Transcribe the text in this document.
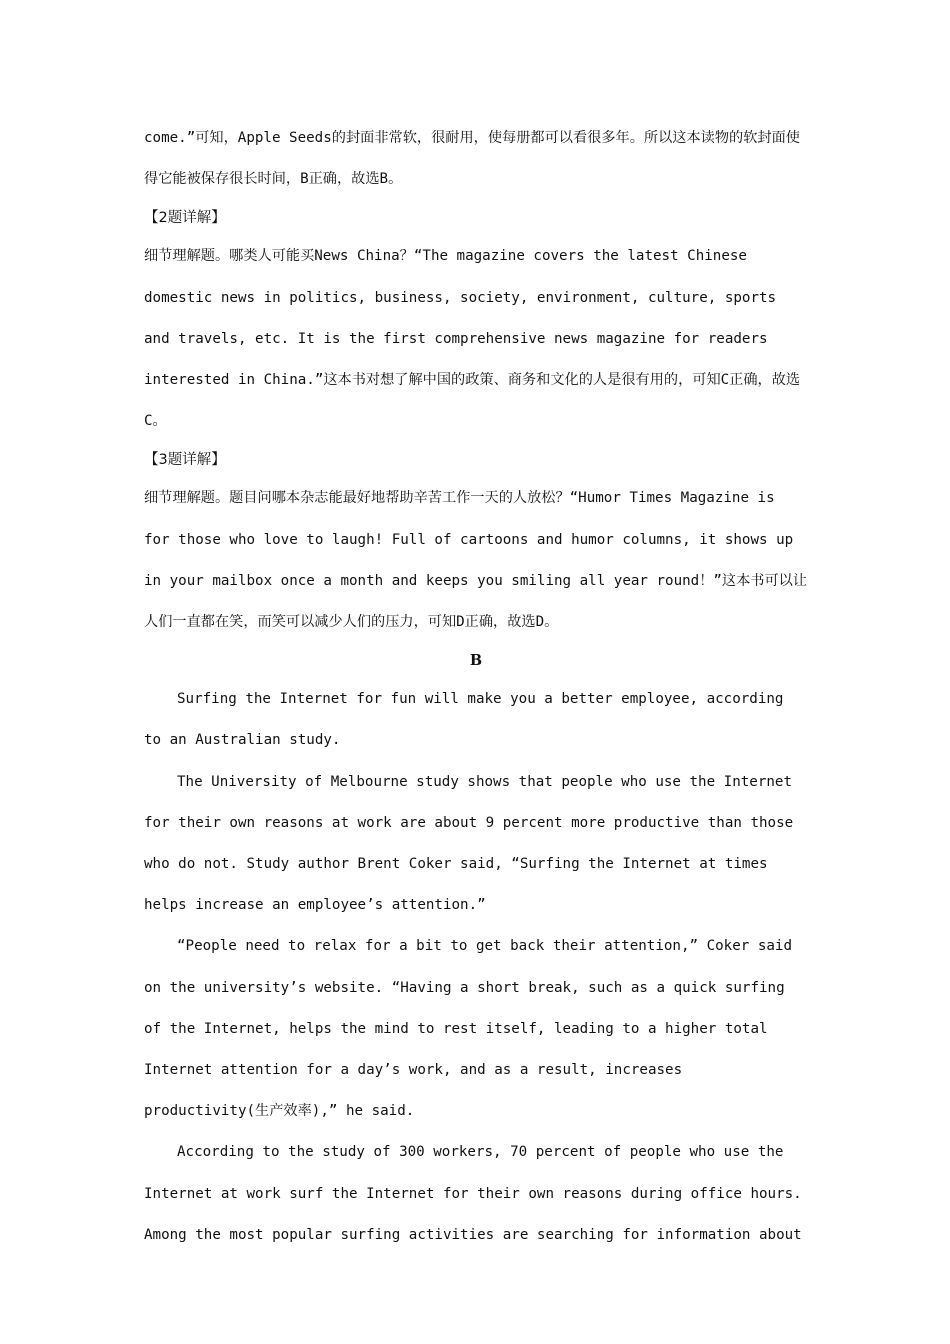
come.”可知，Apple Seeds的封面非常软，很耐用，使每册都可以看很多年。所以这本读物的软封面使得它能被保存很长时间，B正确，故选B。

【2题详解】

细节理解题。哪类人可能买News China？“The magazine covers the latest Chinese domestic news in politics, business, society, environment, culture, sports and travels, etc. It is the first comprehensive news magazine for readers interested in China.”这本书对想了解中国的政策、商务和文化的人是很有用的，可知C正确，故选C。

【3题详解】

细节理解题。题目问哪本杂志能最好地帮助辛苦工作一天的人放松？“Humor Times Magazine is for those who love to laugh! Full of cartoons and humor columns, it shows up in your mailbox once a month and keeps you smiling all year round！”这本书可以让人们一直都在笑，而笑可以减少人们的压力，可知D正确，故选D。

B

Surfing the Internet for fun will make you a better employee, according to an Australian study.

The University of Melbourne study shows that people who use the Internet for their own reasons at work are about 9 percent more productive than those who do not. Study author Brent Coker said, “Surfing the Internet at times helps increase an employee’s attention.”

“People need to relax for a bit to get back their attention,” Coker said on the university’s website. “Having a short break, such as a quick surfing of the Internet, helps the mind to rest itself, leading to a higher total Internet attention for a day’s work, and as a result, increases productivity(生产效率),” he said.

According to the study of 300 workers, 70 percent of people who use the Internet at work surf the Internet for their own reasons during office hours. Among the most popular surfing activities are searching for information about
